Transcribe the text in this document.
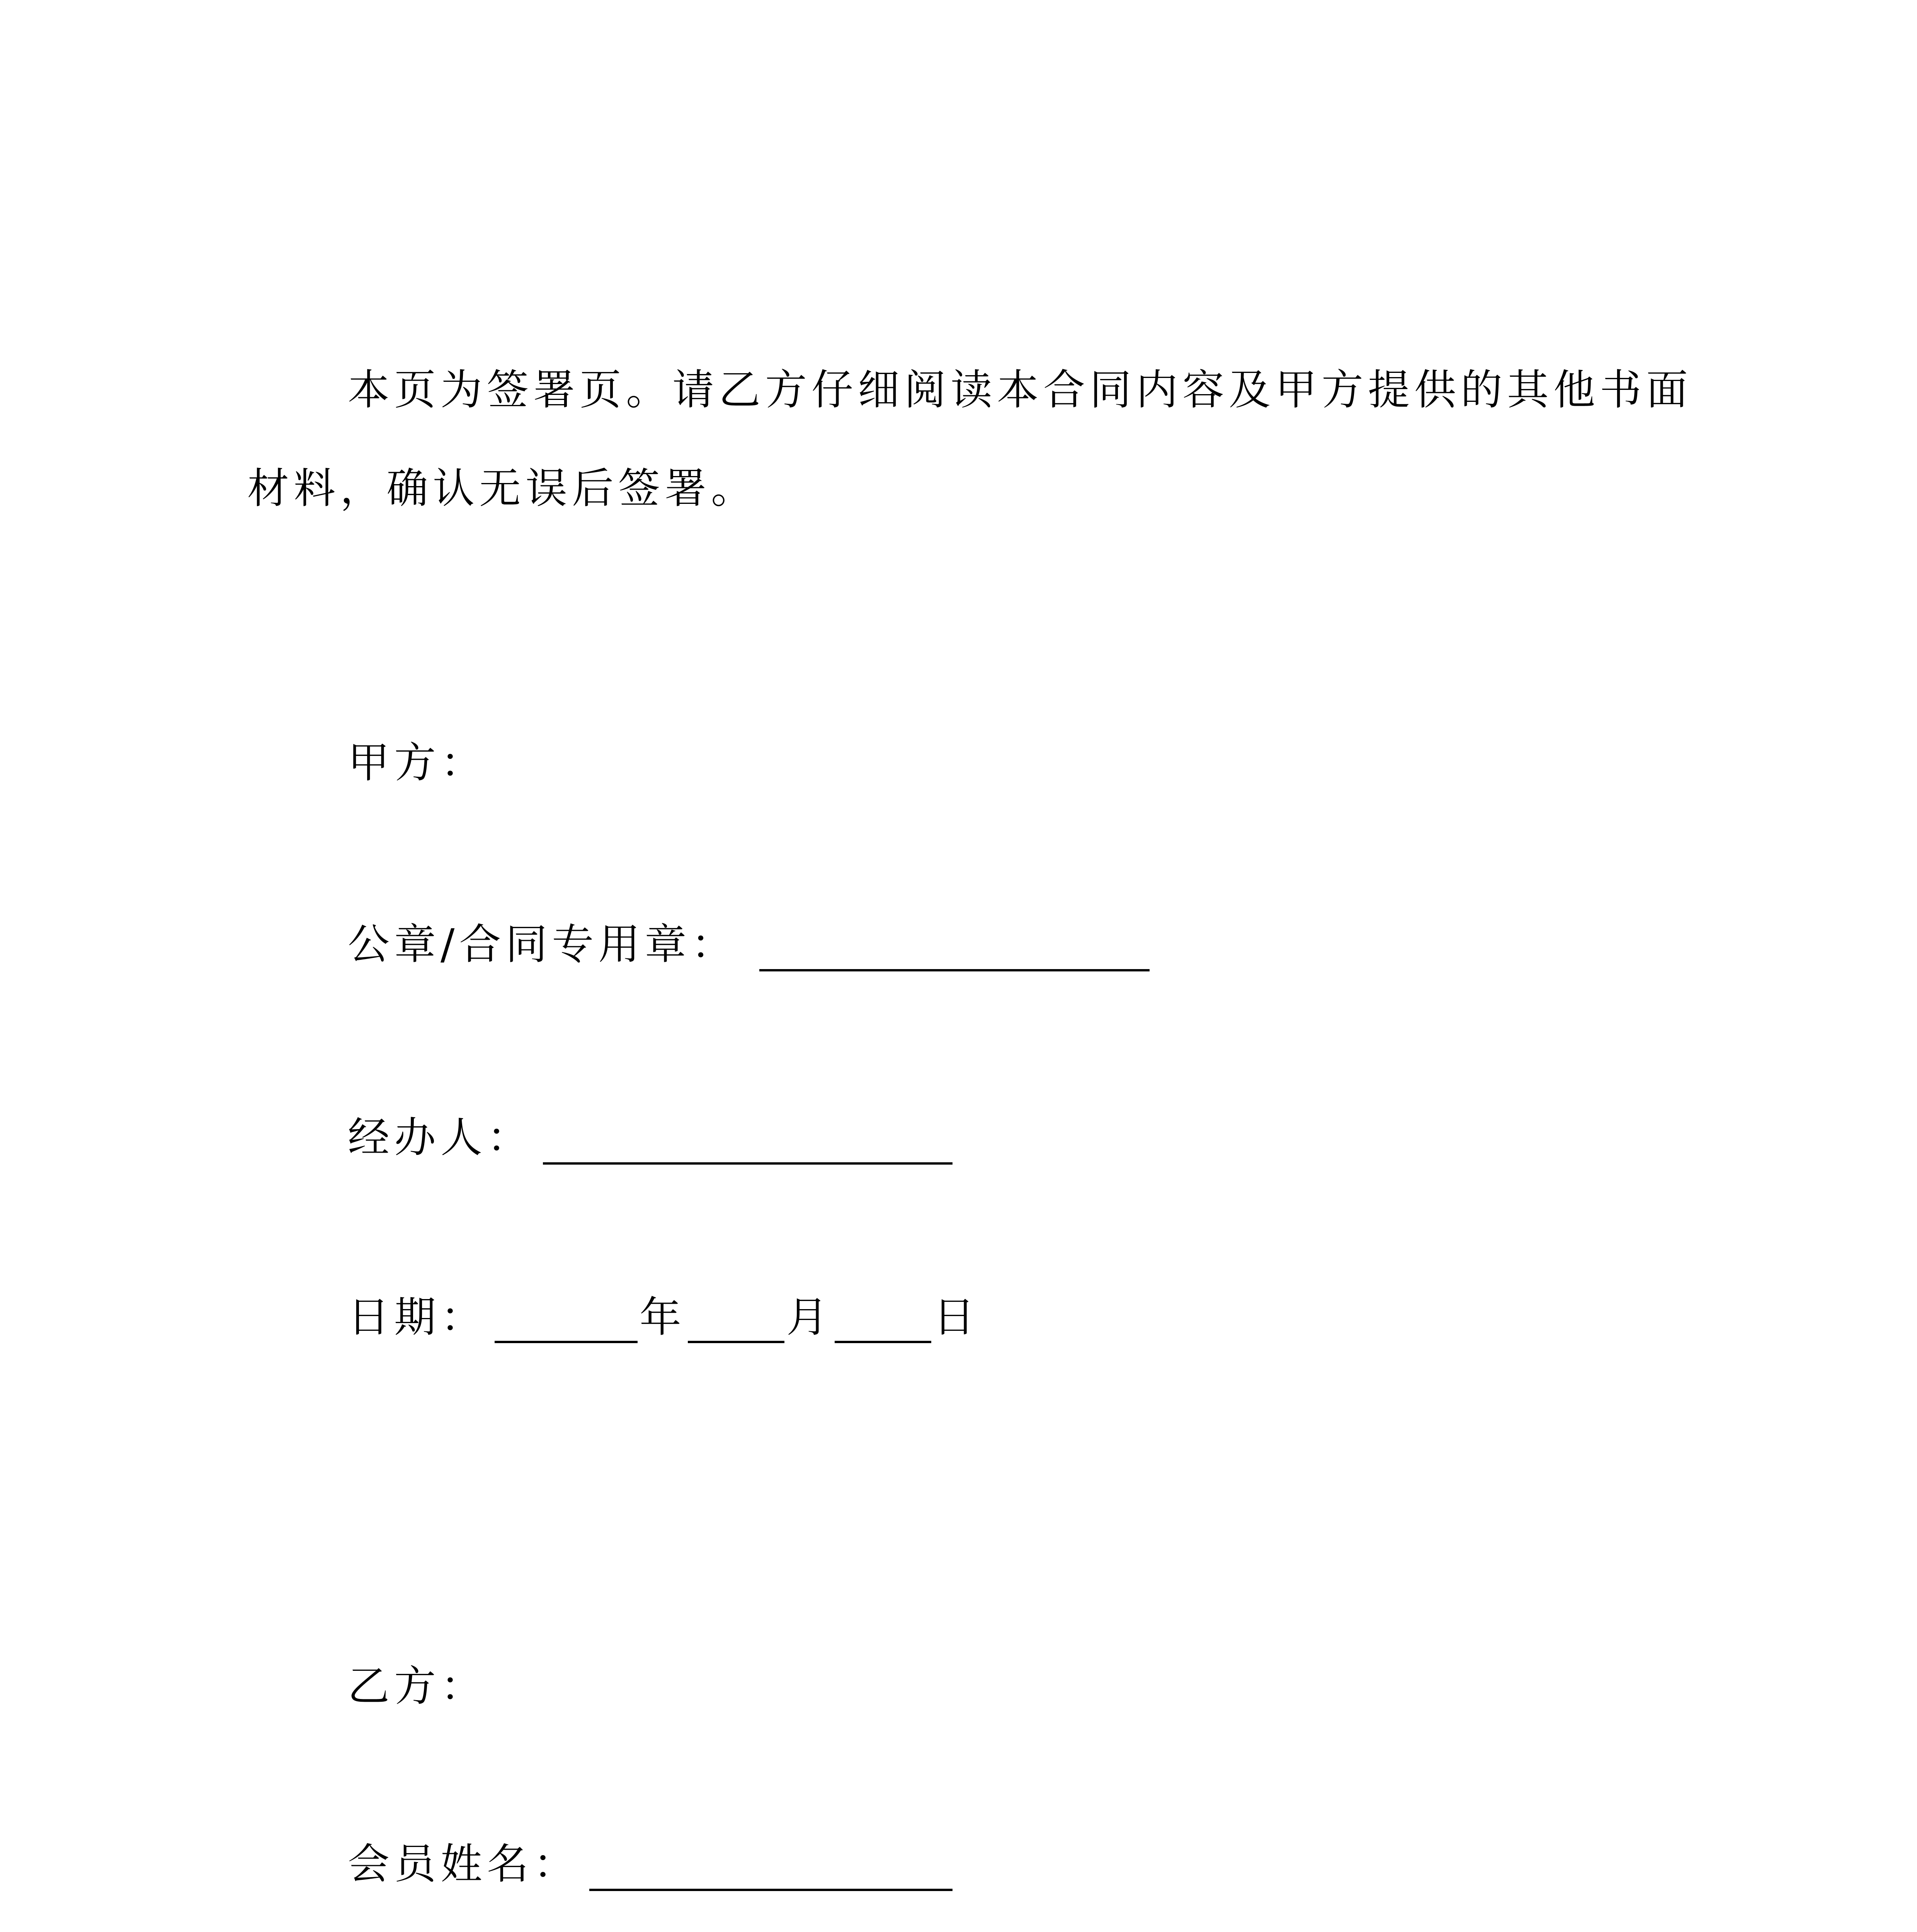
本页为签署页。请乙方仔细阅读本合同内容及甲方提供的其他书面
材料，确认无误后签署。
甲方：
公章/合同专用章：
经办人：
日期：	年 月 日
乙方：
会员姓名：
